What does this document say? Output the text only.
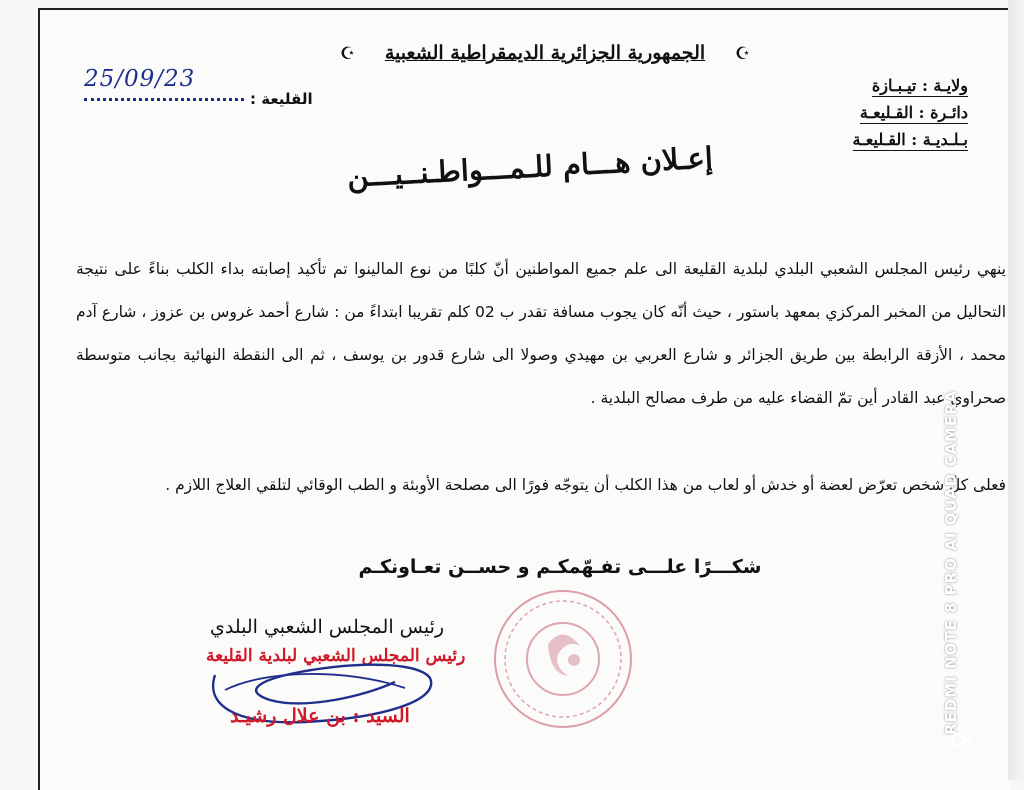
☪	الجمهورية الجزائرية الديمقراطية الشعبية	☪
ولايـة : تيـبـازة
دائـرة : القـليعـة
بـلـديـة : القـليعـة
القليعة :
25/09/23
إعـلان هـــام للـمـــواطـنــيـــن

ينهي رئيس المجلس الشعبي البلدي لبلدية القليعة الى علم جميع المواطنين أنّ كلبًا من نوع المالينوا تم تأكيد إصابته بداء الكلب بناءً على نتيجة التحاليل من المخبر المركزي بمعهد باستور ، حيث أنّه كان يجوب مسافة تقدر ب 02 كلم تقريبا ابتداءً من : شارع أحمد غروس بن عزوز ، شارع آدم محمد ، الأزقة الرابطة بين طريق الجزائر و شارع العربي بن مهيدي وصولا الى شارع قدور بن يوسف ، ثم الى النقطة النهائية بجانب متوسطة صحراوي عبد القادر أين تمّ القضاء عليه من طرف مصالح البلدية .

فعلى كلّ شخص تعرّض لعضة أو خدش أو لعاب من هذا الكلب أن يتوجّه فورًا الى مصلحة الأوبئة و الطب الوقائي لتلقي العلاج اللازم .

شكـــرًا علـــى تفـهّمكـم و حســن تعـاونكـم
رئيس المجلس الشعبي البلدي
رئيس المجلس الشعبي لبلدية القليعة
السيد : بن علال رشيـد
